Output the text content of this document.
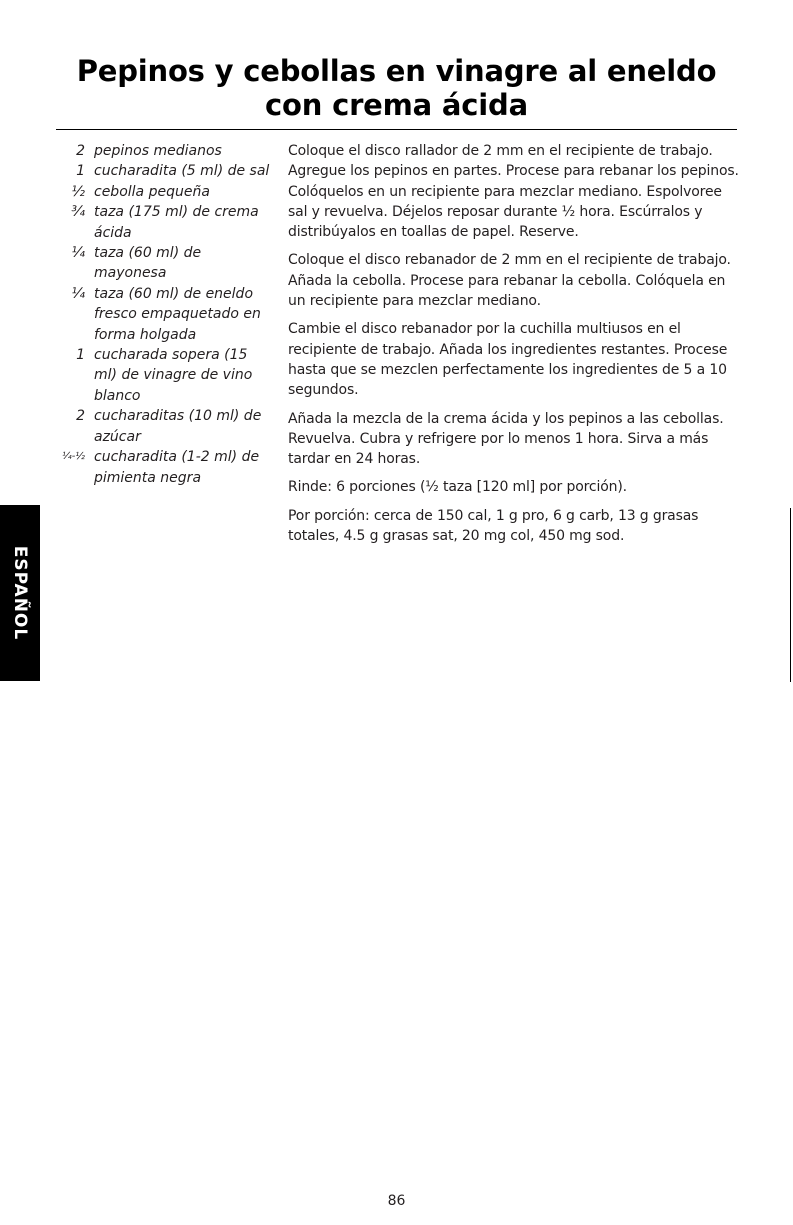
Pepinos y cebollas en vinagre al eneldo
con crema ácida
2 pepinos medianos
1 cucharadita (5 ml) de sal
½ cebolla pequeña
¾ taza (175 ml) de crema ácida
¼ taza (60 ml) de mayonesa
¼ taza (60 ml) de eneldo fresco empaquetado en forma holgada
1 cucharada sopera (15 ml) de vinagre de vino blanco
2 cucharaditas (10 ml) de azúcar
¼-½ cucharadita (1-2 ml) de pimienta negra

Coloque el disco rallador de 2 mm en el recipiente de trabajo. Agregue los pepinos en partes. Procese para rebanar los pepinos. Colóquelos en un recipiente para mezclar mediano. Espolvoree sal y revuelva. Déjelos reposar durante ½ hora. Escúrralos y distribúyalos en toallas de papel. Reserve.

Coloque el disco rebanador de 2 mm en el recipiente de trabajo. Añada la cebolla. Procese para rebanar la cebolla. Colóquela en un recipiente para mezclar mediano.

Cambie el disco rebanador por la cuchilla multiusos en el recipiente de trabajo. Añada los ingredientes restantes. Procese hasta que se mezclen perfectamente los ingredientes de 5 a 10 segundos.

Añada la mezcla de la crema ácida y los pepinos a las cebollas. Revuelva. Cubra y refrigere por lo menos 1 hora. Sirva a más tardar en 24 horas.

Rinde: 6 porciones (½ taza [120 ml] por porción).

Por porción: cerca de 150 cal, 1 g pro, 6 g carb, 13 g grasas totales, 4.5 g grasas sat, 20 mg col, 450 mg sod.

ESPAÑOL
86
